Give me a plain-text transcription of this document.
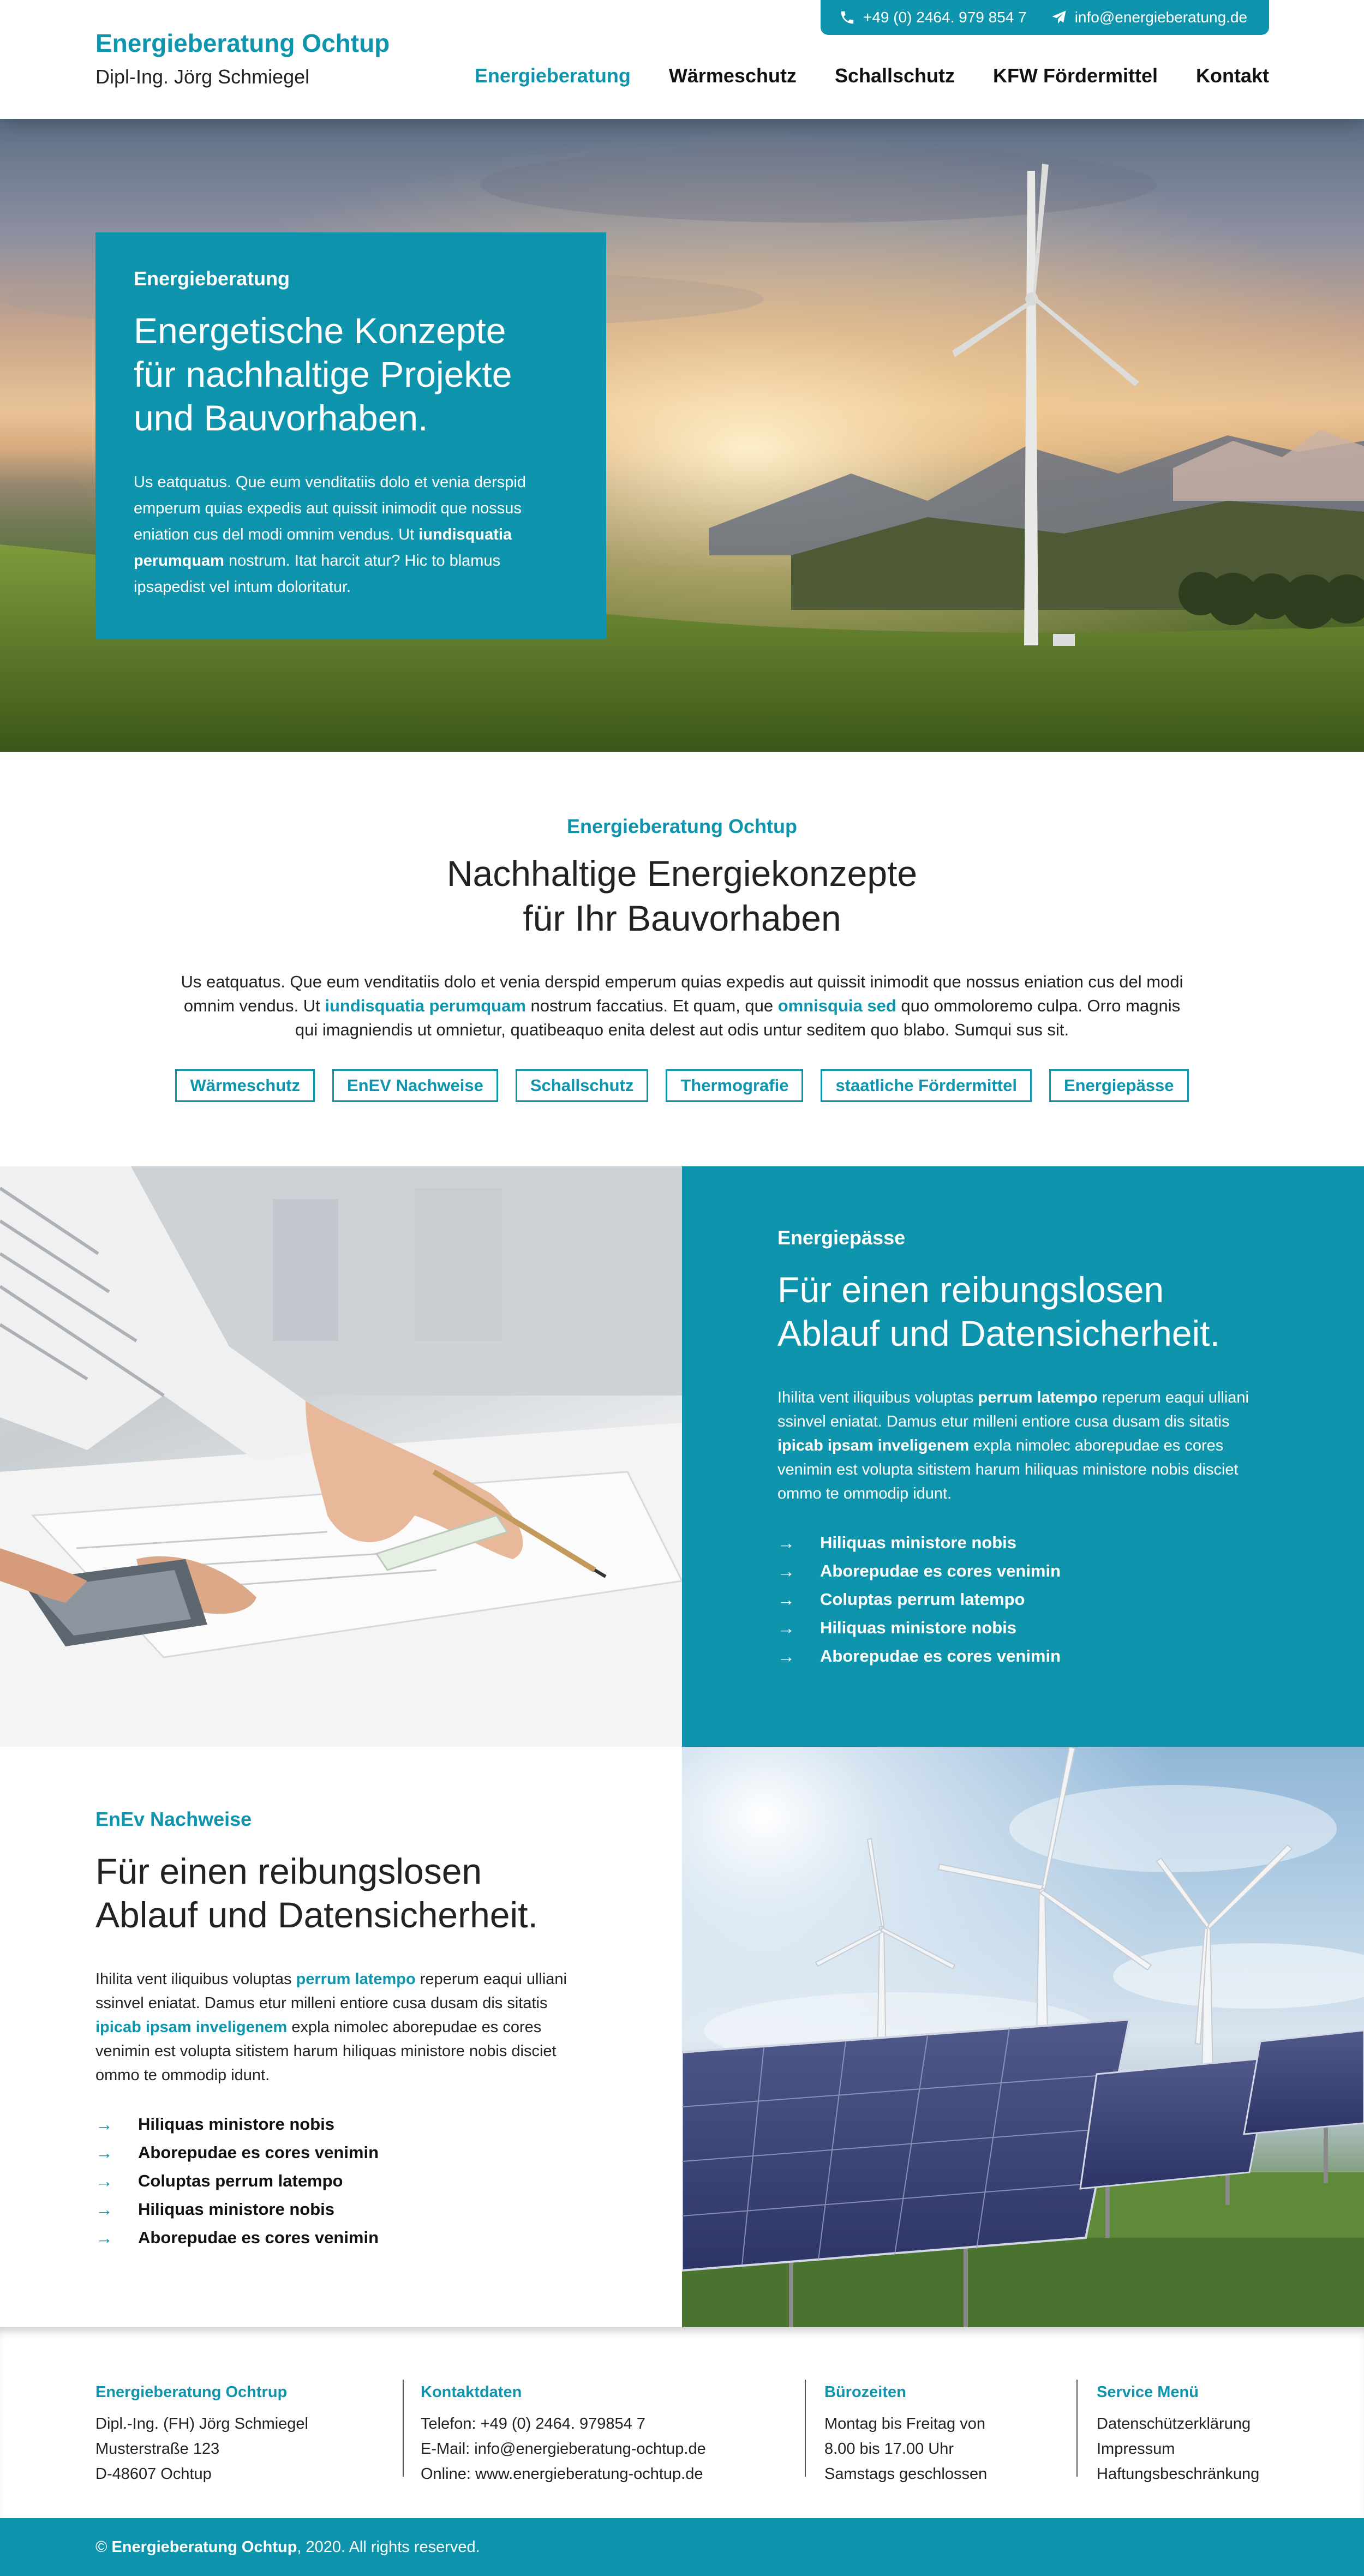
Energieberatung Ochtup
Dipl-Ing. Jörg Schmiegel
+49 (0) 2464. 979 854 7	info@energieberatung.de
Energieberatung Wärmeschutz Schallschutz KFW Fördermittel Kontakt
Energieberatung
Energetische Konzepte
für nachhaltige Projekte
und Bauvorhaben.

Us eatquatus. Que eum venditatiis dolo et venia derspid emperum quias expedis aut quissit inimodit que nossus eniation cus del modi omnim vendus. Ut iundisquatia perumquam nostrum. Itat harcit atur? Hic to blamus ipsapedist vel intum doloritatur.

Energieberatung Ochtup
Nachhaltige Energiekonzepte
für Ihr Bauvorhaben

Us eatquatus. Que eum venditatiis dolo et venia derspid emperum quias expedis aut quissit inimodit que nossus eniation cus del modi omnim vendus. Ut iundisquatia perumquam nostrum faccatius. Et quam, que omnisquia sed quo ommoloremo culpa. Orro magnis qui imagniendis ut omnietur, quatibeaquo enita delest aut odis untur seditem quo blabo. Sumqui sus sit.

Wärmeschutz	EnEV Nachweise	Schallschutz	Thermografie	staatliche Fördermittel	Energiepässe
Energiepässe
Für einen reibungslosen
Ablauf und Datensicherheit.

Ihilita vent iliquibus voluptas perrum latempo reperum eaqui ulliani ssinvel eniatat. Damus etur milleni entiore cusa dusam dis sitatis ipicab ipsam inveligenem expla nimolec aborepudae es cores venimin est volupta sitistem harum hiliquas ministore nobis disciet ommo te ommodip idunt.

→	Hiliquas ministore nobis
→	Aborepudae es cores venimin
→	Coluptas perrum latempo
→	Hiliquas ministore nobis
→	Aborepudae es cores venimin
EnEv Nachweise
Für einen reibungslosen
Ablauf und Datensicherheit.

Ihilita vent iliquibus voluptas perrum latempo reperum eaqui ulliani ssinvel eniatat. Damus etur milleni entiore cusa dusam dis sitatis ipicab ipsam inveligenem expla nimolec aborepudae es cores venimin est volupta sitistem harum hiliquas ministore nobis disciet ommo te ommodip idunt.

→	Hiliquas ministore nobis
→	Aborepudae es cores venimin
→	Coluptas perrum latempo
→	Hiliquas ministore nobis
→	Aborepudae es cores venimin
Energieberatung Ochtrup
Dipl.-Ing. (FH) Jörg Schmiegel
Musterstraße 123
D-48607 Ochtup
Kontaktdaten
Telefon: +49 (0) 2464. 979854 7
E-Mail: info@energieberatung-ochtup.de
Online: www.energieberatung-ochtup.de
Bürozeiten
Montag bis Freitag von
8.00 bis 17.00 Uhr
Samstags geschlossen
Service Menü
Datenschützerklärung
Impressum
Haftungsbeschränkung
© Energieberatung Ochtup, 2020. All rights reserved.
